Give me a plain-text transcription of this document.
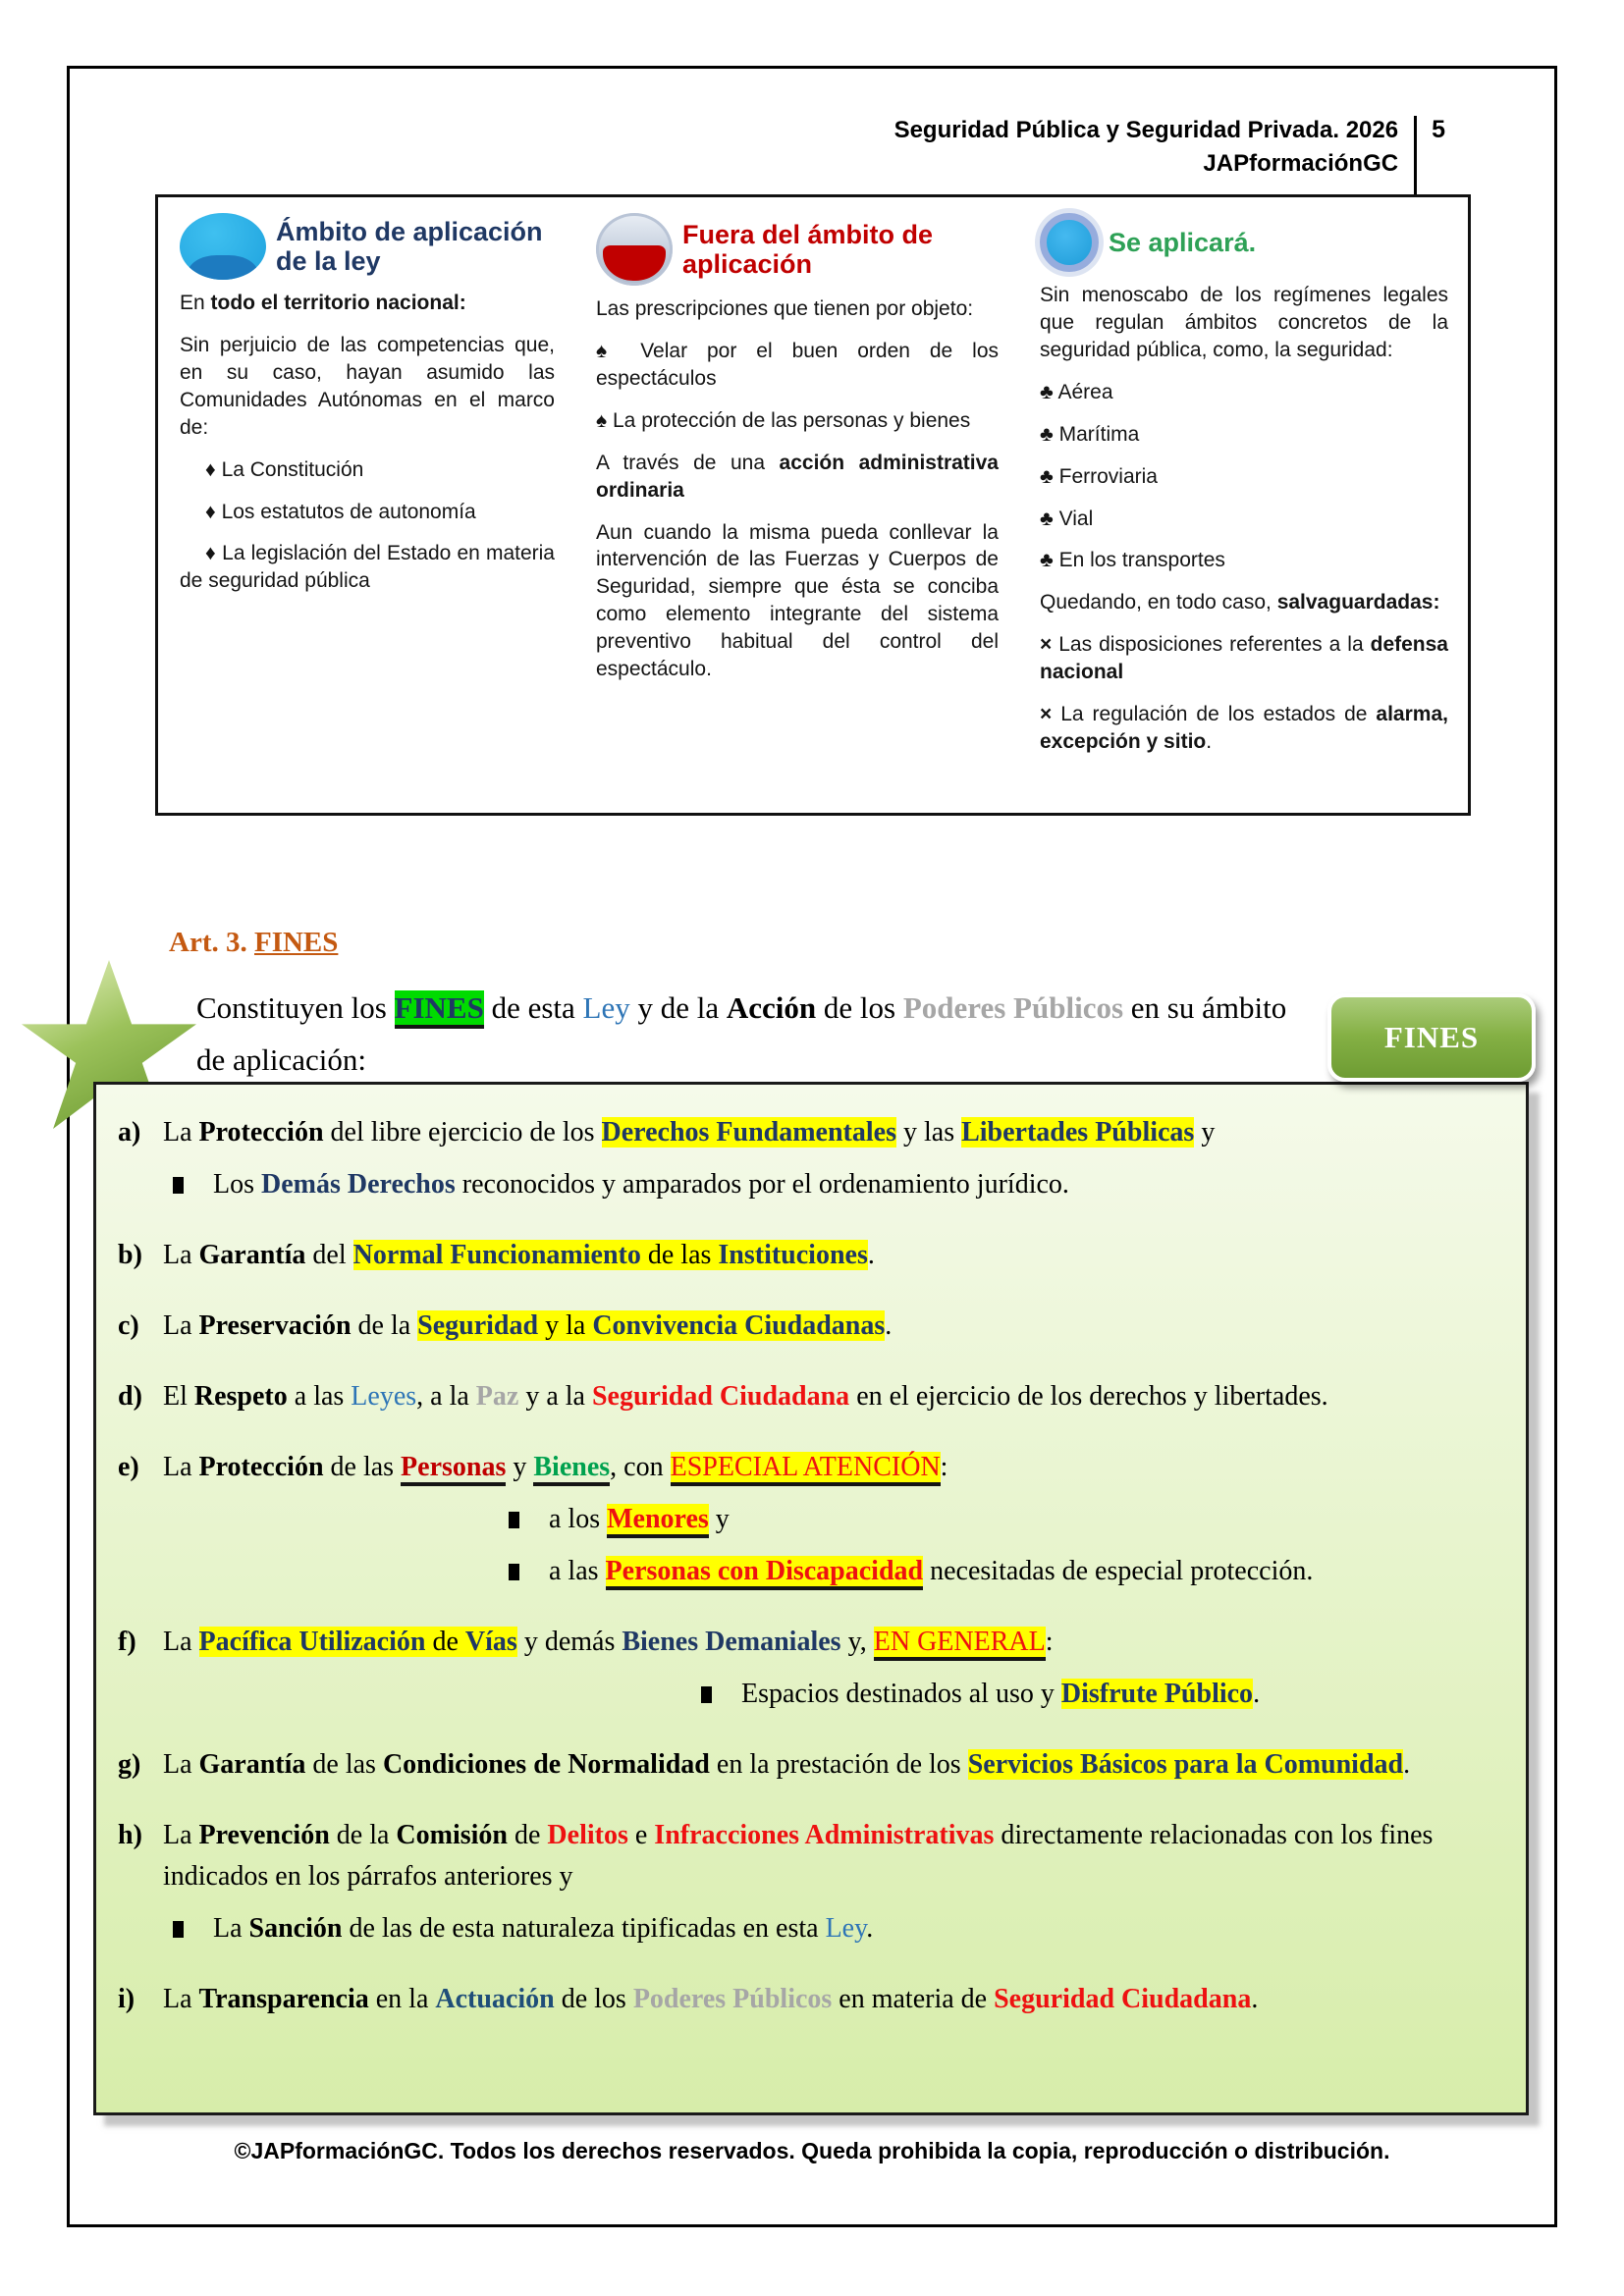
Seguridad Pública y Seguridad Privada. 2026
JAPformaciónGC
5
Ámbito de aplicación de la ley

En todo el territorio nacional:

Sin perjuicio de las competencias que, en su caso, hayan asumido las Comunidades Autónomas en el marco de:

♦ La Constitución

♦ Los estatutos de autonomía

♦ La legislación del Estado en materia de seguridad pública

Fuera del ámbito de aplicación

Las prescripciones que tienen por objeto:

♠ Velar por el buen orden de los espectáculos

♠ La protección de las personas y bienes

A través de una acción administrativa ordinaria

Aun cuando la misma pueda conllevar la intervención de las Fuerzas y Cuerpos de Seguridad, siempre que ésta se conciba como elemento integrante del sistema preventivo habitual del control del espectáculo.

Se aplicará.

Sin menoscabo de los regímenes legales que regulan ámbitos concretos de la seguridad pública, como, la seguridad:

♣ Aérea

♣ Marítima

♣ Ferroviaria

♣ Vial

♣ En los transportes

Quedando, en todo caso, salvaguardadas:

× Las disposiciones referentes a la defensa nacional

× La regulación de los estados de alarma, excepción y sitio.

Art. 3. FINES
Constituyen los FINES de esta Ley y de la Acción de los Poderes Públicos en su ámbito de aplicación:
FINES
a) La Protección del libre ejercicio de los Derechos Fundamentales y las Libertades Públicas y
Los Demás Derechos reconocidos y amparados por el ordenamiento jurídico.
b) La Garantía del Normal Funcionamiento de las Instituciones.
c) La Preservación de la Seguridad y la Convivencia Ciudadanas.
d) El Respeto a las Leyes, a la Paz y a la Seguridad Ciudadana en el ejercicio de los derechos y libertades.
e) La Protección de las Personas y Bienes, con ESPECIAL ATENCIÓN:
a los Menores y
a las Personas con Discapacidad necesitadas de especial protección.
f) La Pacífica Utilización de Vías y demás Bienes Demaniales y, EN GENERAL:
Espacios destinados al uso y Disfrute Público.
g) La Garantía de las Condiciones de Normalidad en la prestación de los Servicios Básicos para la Comunidad.
h) La Prevención de la Comisión de Delitos e Infracciones Administrativas directamente relacionadas con los fines indicados en los párrafos anteriores y
La Sanción de las de esta naturaleza tipificadas en esta Ley.
i)	La Transparencia en la Actuación de los Poderes Públicos en materia de Seguridad Ciudadana.
©JAPformaciónGC. Todos los derechos reservados. Queda prohibida la copia, reproducción o distribución.
